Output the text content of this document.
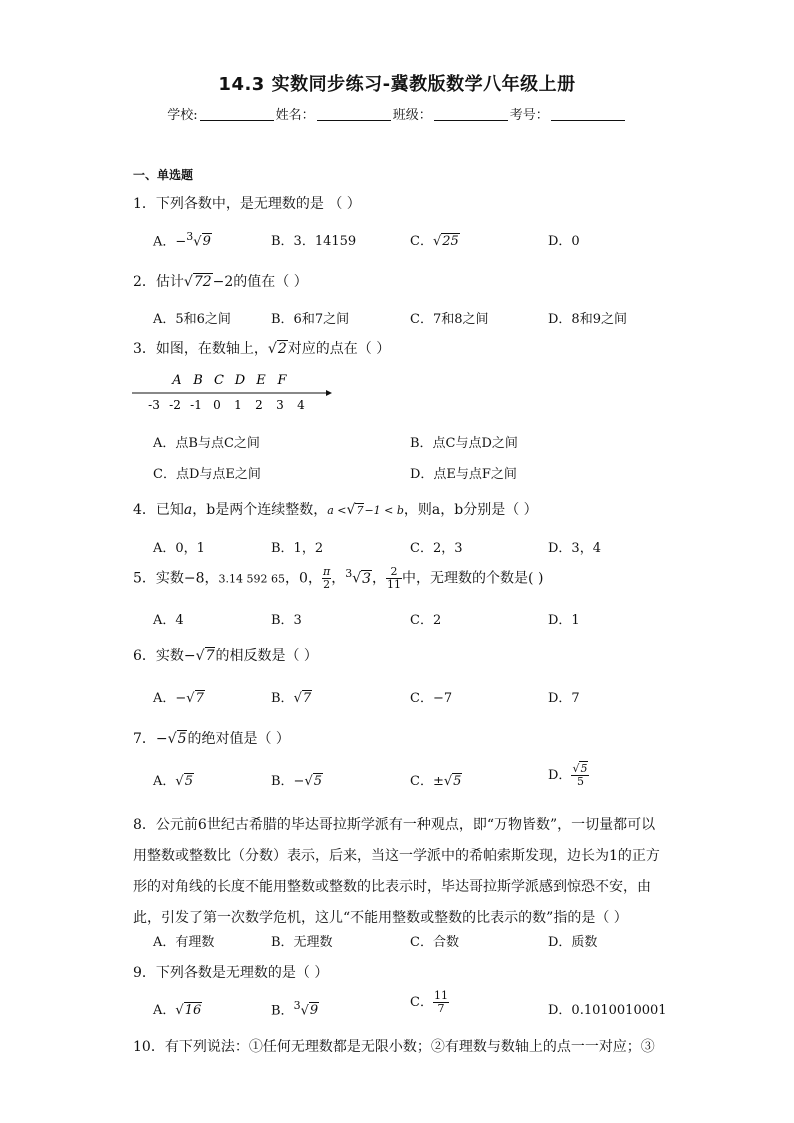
14.3 实数同步练习-冀教版数学八年级上册
学校:	姓名：	班级：	考号：
一、单选题
1．下列各数中，是无理数的是 （ ）
A．−$^3$√9	B．3．14159	C．√25	D．0
2．估计√72−2的值在（ ）
A．5和6之间	B．6和7之间	C．7和8之间	D．8和9之间
3．如图，在数轴上，√2对应的点在（ ）
A B C D E F
-3 -2 -1 0 1 2 3 4
A．点B与点C之间	B．点C与点D之间
C．点D与点E之间	D．点E与点F之间
4．已知a，b是两个连续整数，a <√7−1 < b，则a，b分别是（ ）
A．0，1	B．1，2	C．2，3	D．3，4
5．实数−8，3.14 592 65，0， $\frac{\pi}{2}$ ，$^3$√3， $\frac{2}{11}$ 中，无理数的个数是( )
A．4	B．3	C．2	D．1
6．实数−√7的相反数是（ ）
A．−√7	B．√7	C．−7	D．7
7．−√5的绝对值是（ ）
A．√5	B．−√5	C．±√5	D． $\frac{√5}{5}$
8．公元前6世纪古希腊的毕达哥拉斯学派有一种观点，即“万物皆数”，一切量都可以用整数或整数比（分数）表示，后来，当这一学派中的希帕索斯发现，边长为1的正方形的对角线的长度不能用整数或整数的比表示时，毕达哥拉斯学派感到惊恐不安，由此，引发了第一次数学危机，这儿“不能用整数或整数的比表示的数”指的是（ ）
A．有理数	B．无理数	C．合数	D．质数
9．下列各数是无理数的是（ ）
A．√16	B．$^3$√9
C． $\frac{11}{7}$	D．0.1010010001
10．有下列说法：①任何无理数都是无限小数；②有理数与数轴上的点一一对应；③
